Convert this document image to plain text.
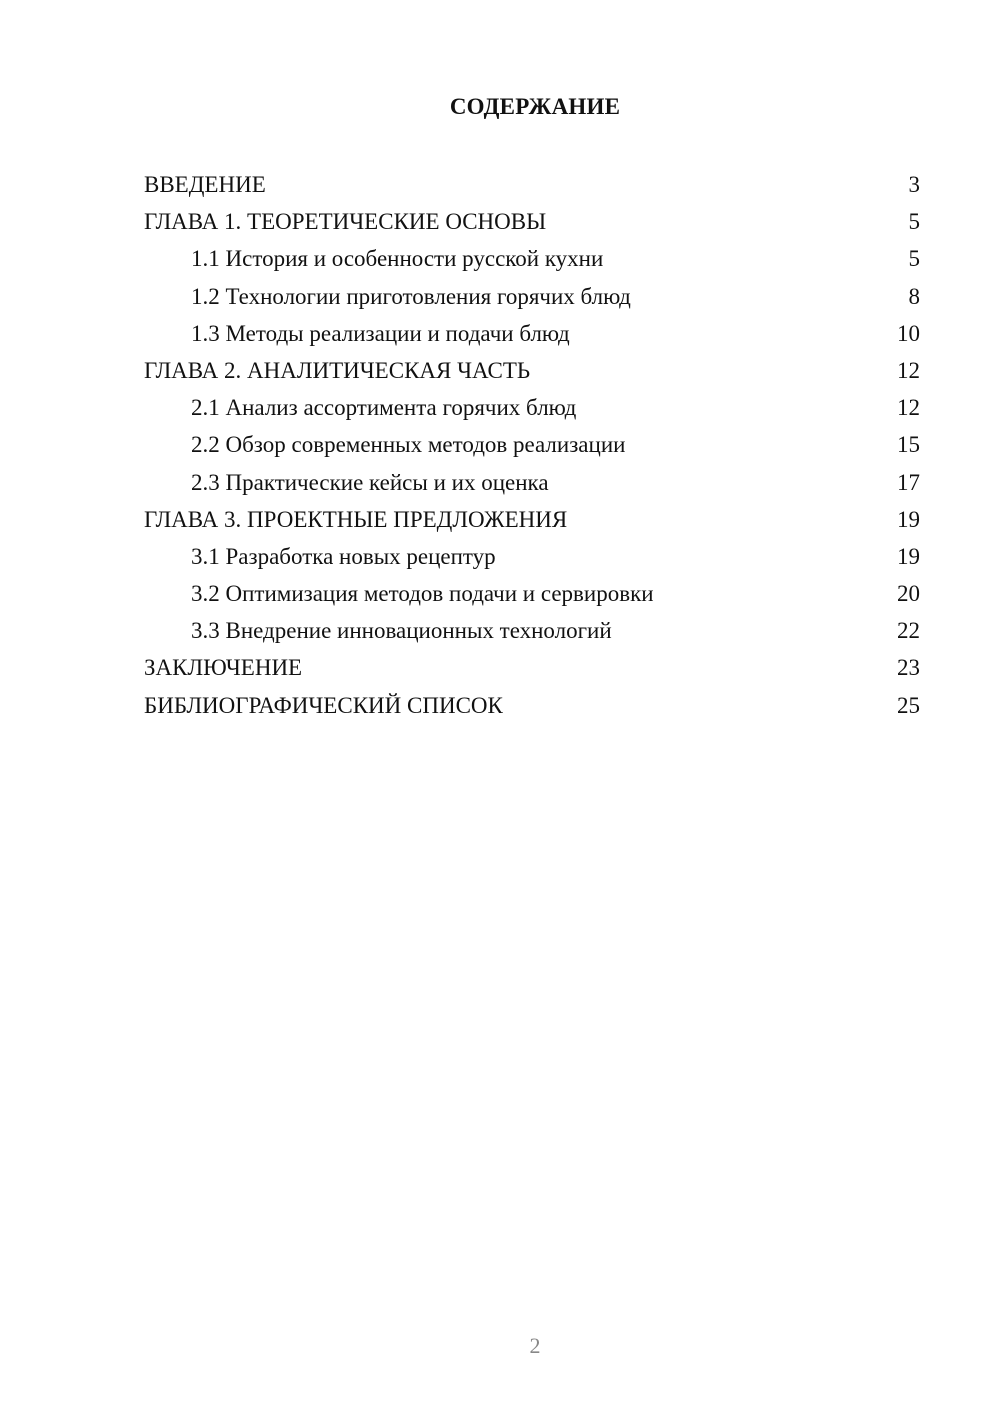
СОДЕРЖАНИЕ
ВВЕДЕНИЕ	3
ГЛАВА 1. ТЕОРЕТИЧЕСКИЕ ОСНОВЫ	5
1.1 История и особенности русской кухни	5
1.2 Технологии приготовления горячих блюд	8
1.3 Методы реализации и подачи блюд	10
ГЛАВА 2. АНАЛИТИЧЕСКАЯ ЧАСТЬ	12
2.1 Анализ ассортимента горячих блюд	12
2.2 Обзор современных методов реализации	15
2.3 Практические кейсы и их оценка	17
ГЛАВА 3. ПРОЕКТНЫЕ ПРЕДЛОЖЕНИЯ	19
3.1 Разработка новых рецептур	19
3.2 Оптимизация методов подачи и сервировки	20
3.3 Внедрение инновационных технологий	22
ЗАКЛЮЧЕНИЕ	23
БИБЛИОГРАФИЧЕСКИЙ СПИСОК	25
2
